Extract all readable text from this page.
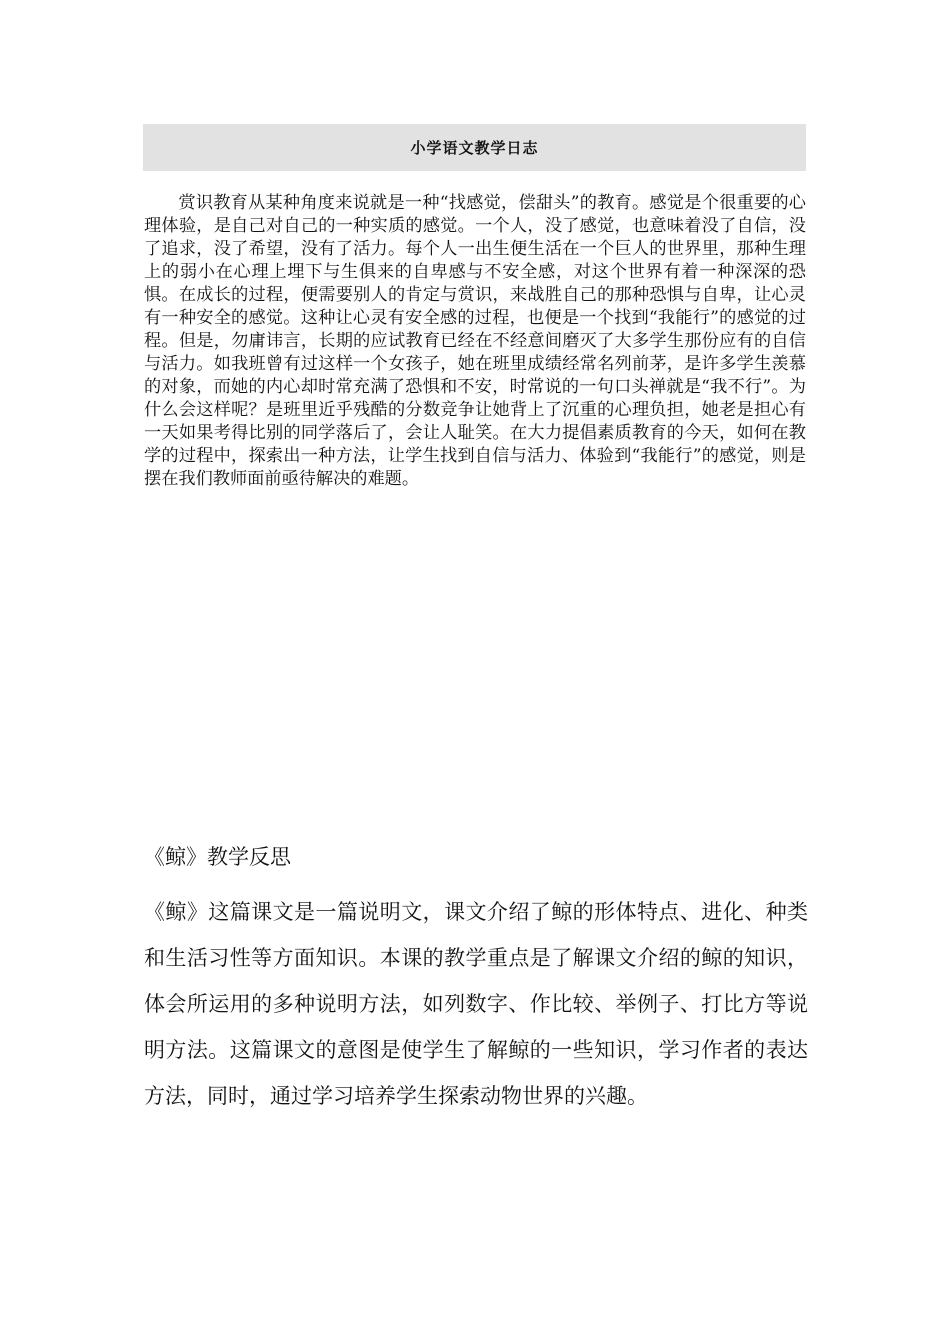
小学语文教学日志

赏识教育从某种角度来说就是一种“找感觉，偿甜头”的教育。感觉是个很重要的心理体验，是自己对自己的一种实质的感觉。一个人，没了感觉，也意味着没了自信，没了追求，没了希望，没有了活力。每个人一出生便生活在一个巨人的世界里，那种生理上的弱小在心理上埋下与生俱来的自卑感与不安全感，对这个世界有着一种深深的恐惧。在成长的过程，便需要别人的肯定与赏识，来战胜自己的那种恐惧与自卑，让心灵有一种安全的感觉。这种让心灵有安全感的过程，也便是一个找到“我能行”的感觉的过程。但是，勿庸讳言，长期的应试教育已经在不经意间磨灭了大多学生那份应有的自信与活力。如我班曾有过这样一个女孩子，她在班里成绩经常名列前茅，是许多学生羡慕的对象，而她的内心却时常充满了恐惧和不安，时常说的一句口头禅就是“我不行”。为什么会这样呢？是班里近乎残酷的分数竞争让她背上了沉重的心理负担，她老是担心有一天如果考得比别的同学落后了，会让人耻笑。在大力提倡素质教育的今天，如何在教学的过程中，探索出一种方法，让学生找到自信与活力、体验到“我能行”的感觉，则是摆在我们教师面前亟待解决的难题。

《鲸》教学反思

《鲸》这篇课文是一篇说明文，课文介绍了鲸的形体特点、进化、种类和生活习性等方面知识。本课的教学重点是了解课文介绍的鲸的知识，体会所运用的多种说明方法，如列数字、作比较、举例子、打比方等说明方法。这篇课文的意图是使学生了解鲸的一些知识，学习作者的表达方法，同时，通过学习培养学生探索动物世界的兴趣。
